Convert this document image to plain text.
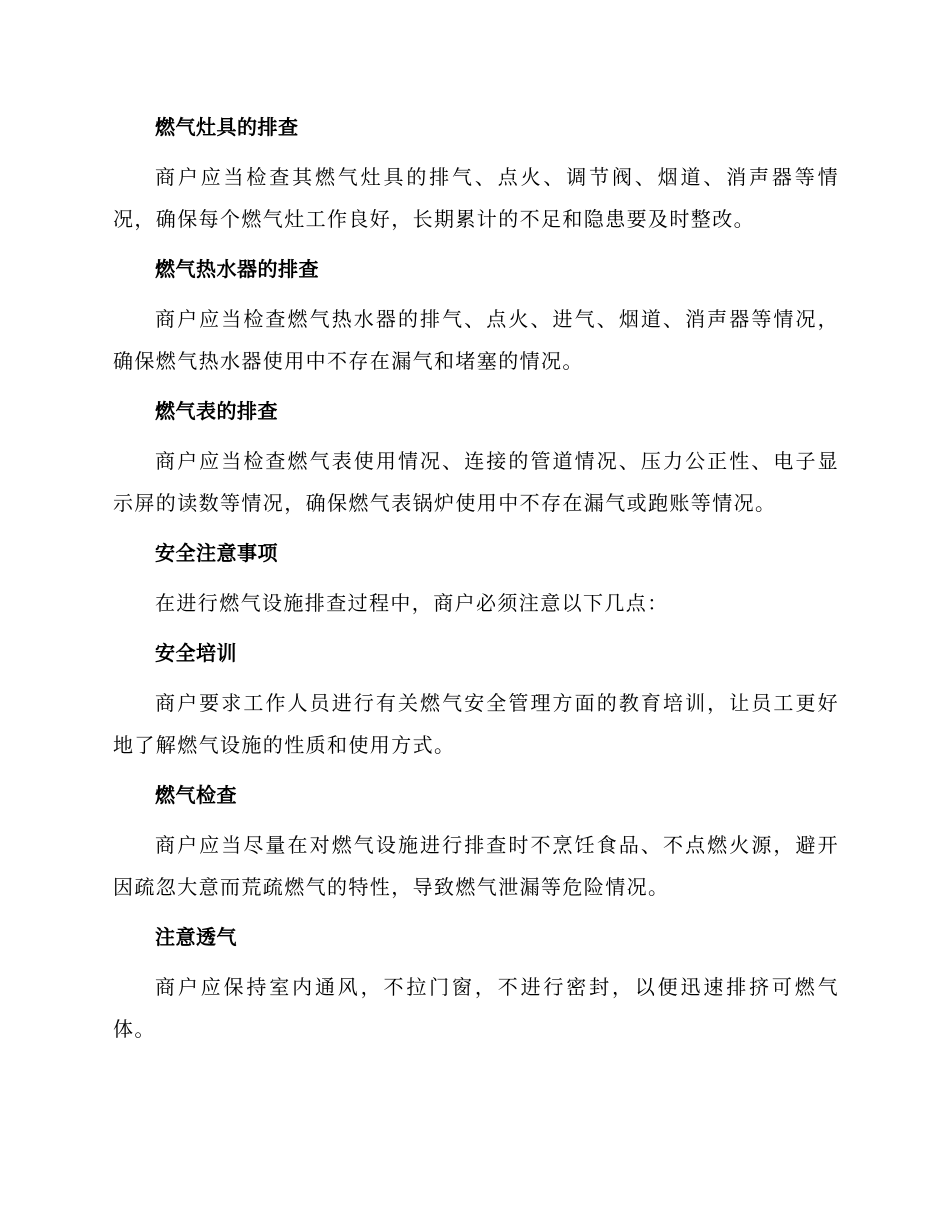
燃气灶具的排查
商户应当检查其燃气灶具的排气、点火、调节阀、烟道、消声器等情况，确保每个燃气灶工作良好，长期累计的不足和隐患要及时整改。
燃气热水器的排查
商户应当检查燃气热水器的排气、点火、进气、烟道、消声器等情况，确保燃气热水器使用中不存在漏气和堵塞的情况。
燃气表的排查
商户应当检查燃气表使用情况、连接的管道情况、压力公正性、电子显示屏的读数等情况，确保燃气表锅炉使用中不存在漏气或跑账等情况。
安全注意事项
在进行燃气设施排查过程中，商户必须注意以下几点：
安全培训
商户要求工作人员进行有关燃气安全管理方面的教育培训，让员工更好地了解燃气设施的性质和使用方式。
燃气检查
商户应当尽量在对燃气设施进行排查时不烹饪食品、不点燃火源，避开因疏忽大意而荒疏燃气的特性，导致燃气泄漏等危险情况。
注意透气
商户应保持室内通风，不拉门窗，不进行密封，以便迅速排挤可燃气体。
